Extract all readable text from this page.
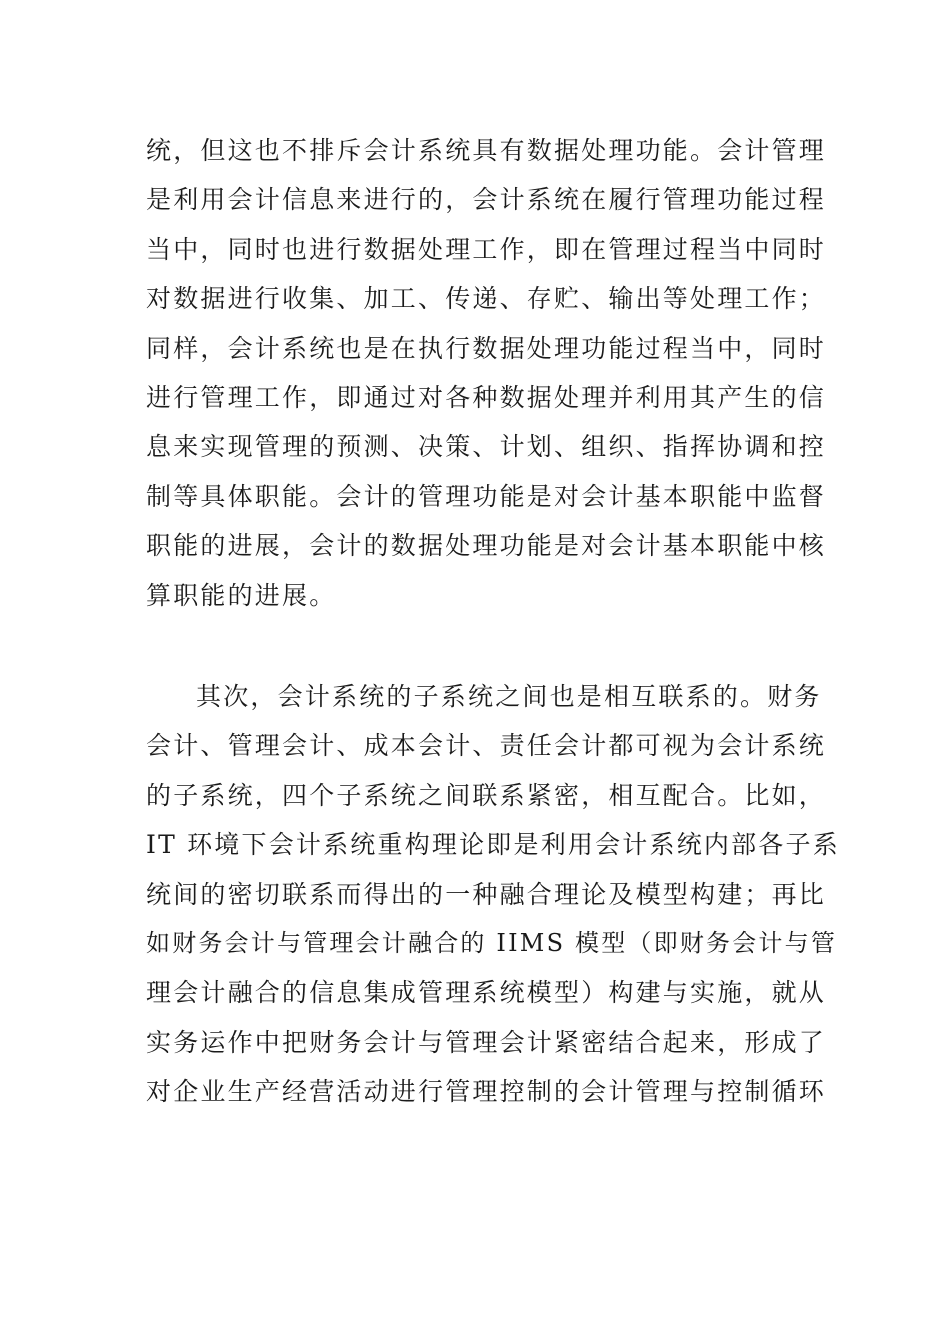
统，但这也不排斥会计系统具有数据处理功能。会计管理
是利用会计信息来进行的，会计系统在履行管理功能过程
当中，同时也进行数据处理工作，即在管理过程当中同时
对数据进行收集、加工、传递、存贮、输出等处理工作；
同样，会计系统也是在执行数据处理功能过程当中，同时
进行管理工作，即通过对各种数据处理并利用其产生的信
息来实现管理的预测、决策、计划、组织、指挥协调和控
制等具体职能。会计的管理功能是对会计基本职能中监督
职能的进展，会计的数据处理功能是对会计基本职能中核
算职能的进展。
其次，会计系统的子系统之间也是相互联系的。财务
会计、管理会计、成本会计、责任会计都可视为会计系统
的子系统，四个子系统之间联系紧密，相互配合。比如，
IT 环境下会计系统重构理论即是利用会计系统内部各子系
统间的密切联系而得出的一种融合理论及模型构建；再比
如财务会计与管理会计融合的 IIMS 模型（即财务会计与管
理会计融合的信息集成管理系统模型）构建与实施，就从
实务运作中把财务会计与管理会计紧密结合起来，形成了
对企业生产经营活动进行管理控制的会计管理与控制循环
